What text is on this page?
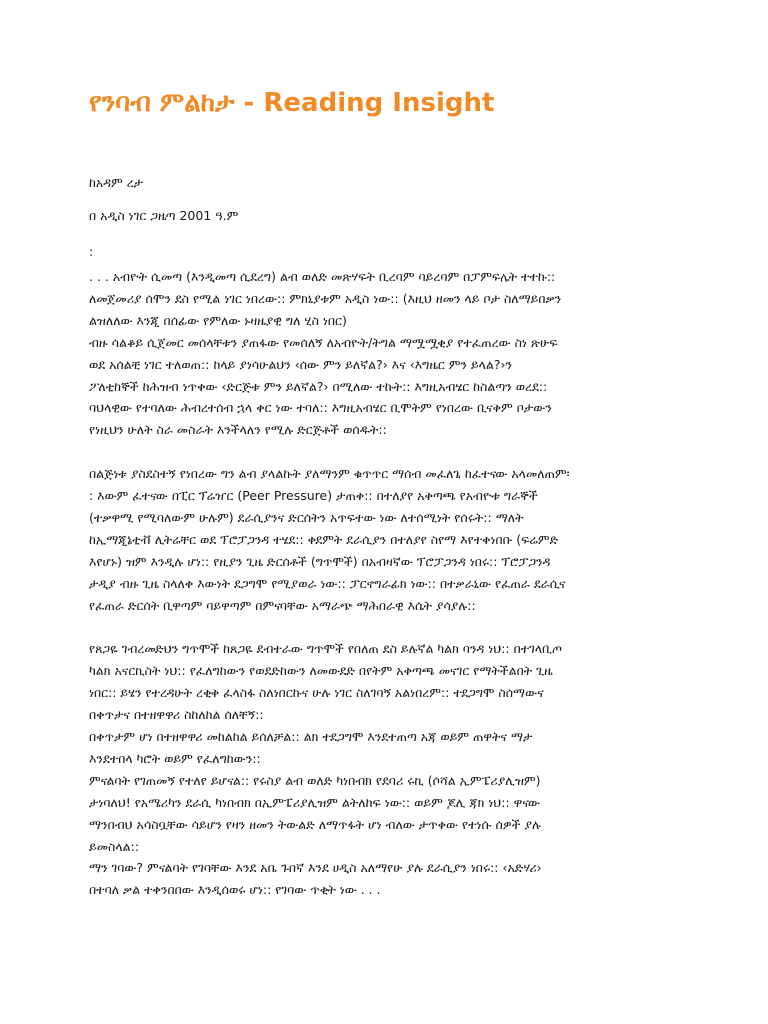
የንባብ ምልከታ - Reading Insight
ከአዳም ረታ
በ አዲስ ነገር ጋዜጣ 2001 ዓ.ም
:

. . . አብዮት ሲመጣ (እንዲመጣ ሲደረግ) ልብ ወለድ መጽሃፍት ቢረባም ባይረባም በፓምፍሌት ተተኩ::
ለመጀመሪያ ሰሞን ደስ የሚል ነገር ነበረው:: ምክኒያቱም አዲስ ነው:: (እዚህ ዘመን ላይ ቦታ ስለማይበቃን
ልዝለለው እንጂ በሰፊው የምለው ኑዛዜያዊ ግለ ሂስ ነበር)
ብዙ ሳልቆይ ሲጀመር መሰላቸቱን ያጠፋው የመሰለኝ ለአብዮት/ትግል ማሟሟቂያ የተፈጠረው ስነ ጽሁፍ
ወደ አሰልቺ ነገር ተለወጠ:: ከላይ ያነሳሁልህን ‹ሰው ምን ይለኛል?› እና ‹እግዜር ምን ይላል?›ን
ፖለቲከኞች ከሕዝብ ነጥቀው ‹ድርጅቱ ምን ይለኛል?› በሚለው ተኩት:: እግዚአብሄር ከስልጣን ወረደ::
ባህላዊው የተባለው ሕብረተሰብ ኋላ ቀር ነው ተባለ:: እግዚአብሄር ቢሞትም የነበረው ቢናቅም ቦታውን
የነዚህን ሁለት ስራ መስራት እንችላለን የሚሉ ድርጅቶች ወሰዱት::

በልጅነቱ ያስደስተኝ የነበረው ግን ልብ ያላልኩት ያለማንም ቁጥጥር ማሰብ መፈለጌ ከፈተናው አላመለጠም፡
: እውም ፈተናው በፒር ፕሬዠር (Peer Pressure) ታጠቀ:: በተለያየ አቅጣጫ የአብዮቱ ግራኞች
(ተቃዋሚ የሚባለውም ሁሉም) ደራሲያንና ድርሰትን አጥፍተው ነው ለተሰሚነት የሰሩት:: ማለት
ከኢማጂኔቲቭ ሊትሬቸር ወደ ፕሮፓጋንዳ ተሄደ:: ቀደምት ደራሲያን በተለያየ ስየማ እየተቀነበቡ (ፍሬምድ
እየሆኑ) ዝም እንዲሉ ሆነ:: የዚያን ጊዜ ድርሰቶች (ግጥሞች) በአብዛኛው ፕሮፓጋንዳ ነበሩ:: ፕሮፓጋንዳ
ታዲያ ብዙ ጊዜ ስላለቀ እውነት ደጋግሞ የሚያወራ ነው:: ፓርኖግራፊክ ነው:: በተቃራኒው የፈጠራ ደራሲና
የፈጠራ ድርሰት ቢዋጣም ባይዋጣም በምናባቸው አማራጭ ማሕበራዊ እሴት ያሳያሉ::

የጸጋዬ ገብረመድህን ግጥሞች ከጸጋዬ ደብተራው ግጥሞች የበለጠ ደስ ይሉኛል ካልክ ባንዳ ነህ:: በተገላቢጦ
ካልክ አናርኪስት ነህ:: የፈለግከውን የወደድከውን ለመውደድ በየትም አቅጣጫ መናገር የማትችልበት ጊዜ
ነበር:: ይሄን የተረዳሁት ረቂቅ ፈላስፋ ስለነበርኩና ሁሉ ነገር ስለገባኝ አልነበረም:: ተደጋግሞ ስሰማውና
በቀጥታና በተዘዋዋሪ ስከለከል ሰለቸኝ::
በቀጥታም ሆነ በተዘዋዋሪ መከልከል ይሰለቻል:: ልክ ተደጋግሞ እንደተጠጣ አጃ ወይም ጠዋትና ማታ
እንደተበላ ካሮት ወይም የፈለግከውን::
ምናልባት የገጠመኝ የተለየ ይሆናል:: የሩስያ ልብ ወለድ ካነበብክ የደባሪ ሩኪ (ሶሻል ኢምፔሪያሊዝም)
ታነባለህ! የአሜሪካን ደራሲ ካነበብክ በኢምፔሪያሊዝም ልትለከፍ ነው:: ወይም ጆሊ ጃክ ነህ:: ዋናው
ማንበብህ አሳስቧቸው ሳይሆን የዛን ዘመን ትውልድ ለማጥፋት ሆነ ብለው ታጥቀው የተነሱ ሰዎች ያሉ
ይመስላል::
ማን ገባው? ምናልባት የገባቸው እንደ አቤ ጉበኛ እንደ ሀዲስ አለማየሁ ያሉ ደራሲያን ነበሩ:: ‹አድሃሪ›
በተባለ ቃል ተቀንበበው እንዲሰወሩ ሆነ:: የገባው ጥቂት ነው . . .
